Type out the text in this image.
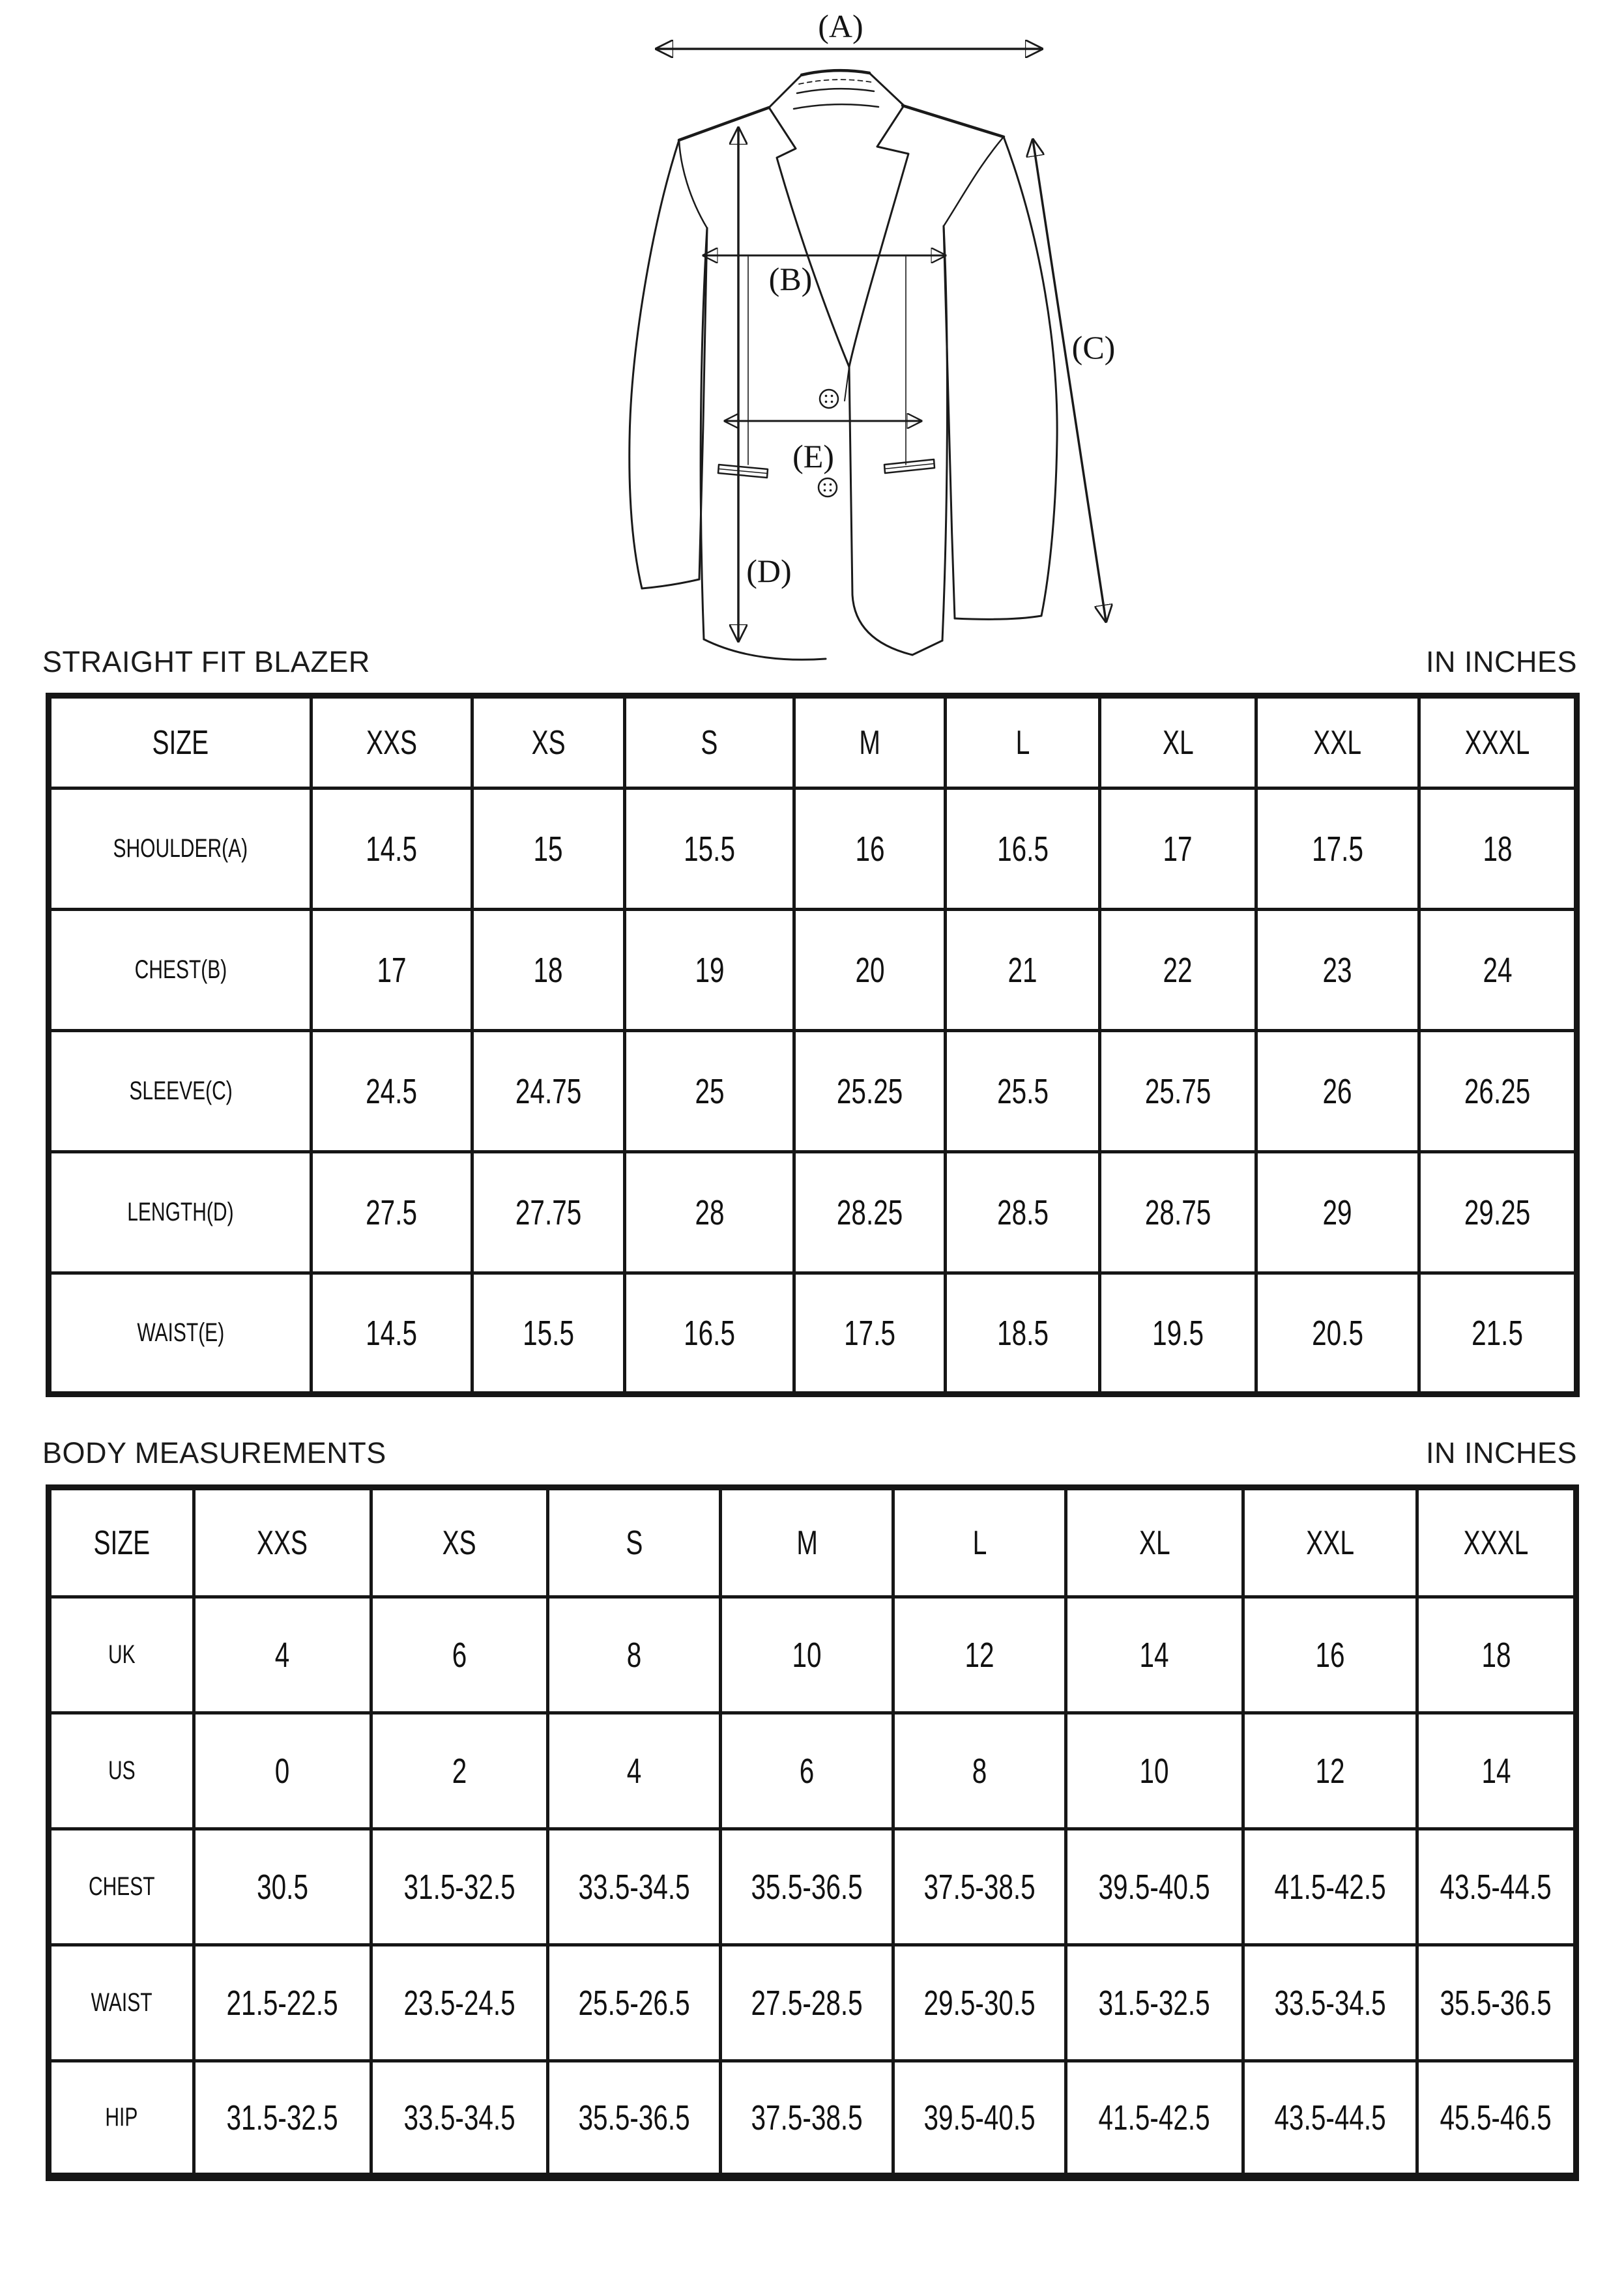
(A)
(B)
(C)
(D)
(E)
STRAIGHT FIT BLAZER	IN INCHES
SIZE	XXS	XS	S	M	L	XL	XXL	XXXL
SHOULDER(A)	14.5	15	15.5	16	16.5	17	17.5	18
CHEST(B)	17	18	19	20	21	22	23	24
SLEEVE(C)	24.5	24.75	25	25.25	25.5	25.75	26	26.25
LENGTH(D)	27.5	27.75	28	28.25	28.5	28.75	29	29.25
WAIST(E)	14.5	15.5	16.5	17.5	18.5	19.5	20.5	21.5
BODY MEASUREMENTS	IN INCHES
SIZE	XXS	XS	S	M	L	XL	XXL	XXXL
UK	4	6	8	10	12	14	16	18
US	0	2	4	6	8	10	12	14
CHEST	30.5	31.5-32.5	33.5-34.5	35.5-36.5	37.5-38.5	39.5-40.5	41.5-42.5	43.5-44.5
WAIST	21.5-22.5	23.5-24.5	25.5-26.5	27.5-28.5	29.5-30.5	31.5-32.5	33.5-34.5	35.5-36.5
HIP	31.5-32.5	33.5-34.5	35.5-36.5	37.5-38.5	39.5-40.5	41.5-42.5	43.5-44.5	45.5-46.5
